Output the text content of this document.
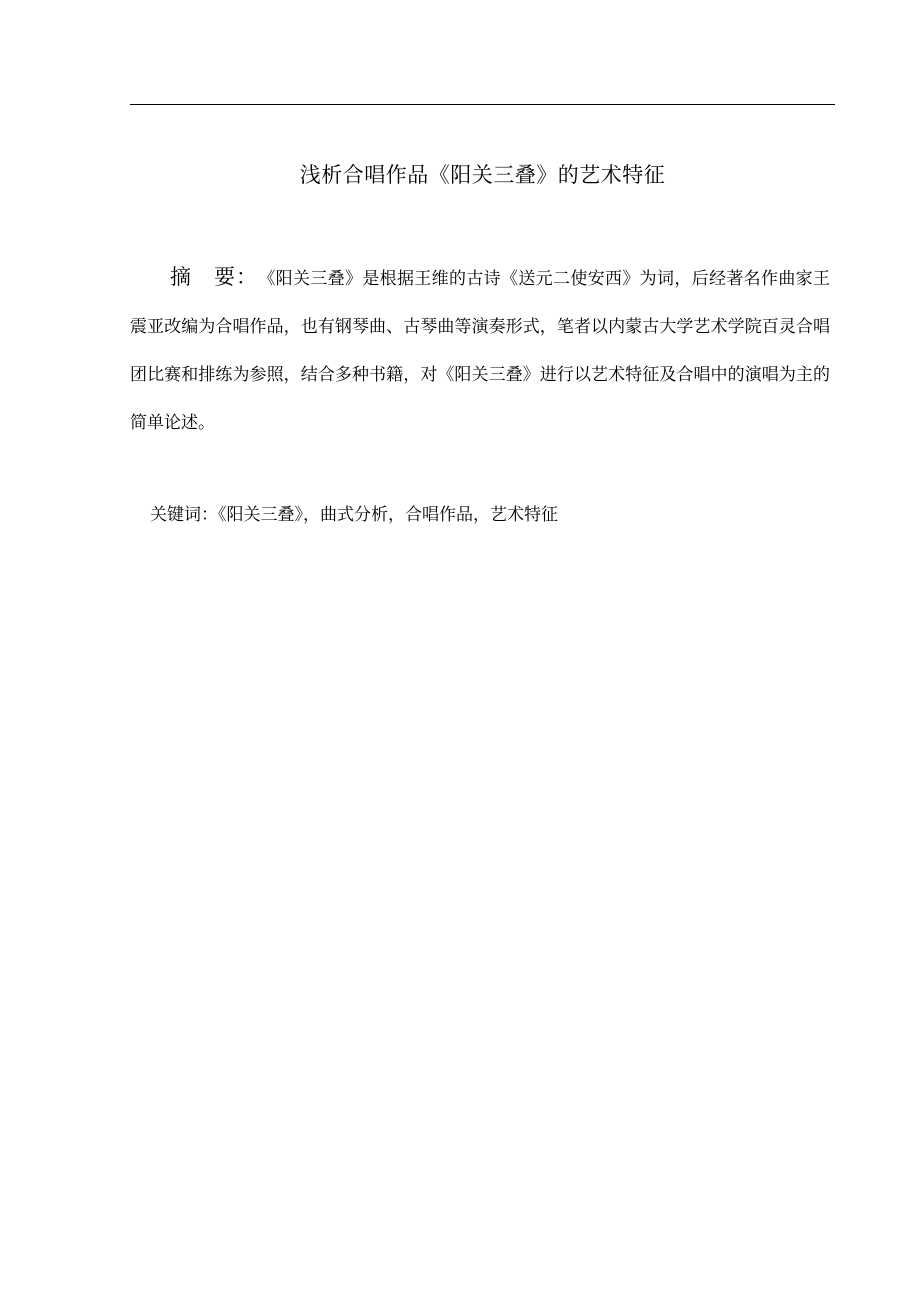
浅析合唱作品《阳关三叠》的艺术特征
摘 要：《阳关三叠》是根据王维的古诗《送元二使安西》为词，后经著名作曲家王震亚改编为合唱作品，也有钢琴曲、古琴曲等演奏形式，笔者以内蒙古大学艺术学院百灵合唱团比赛和排练为参照，结合多种书籍，对《阳关三叠》进行以艺术特征及合唱中的演唱为主的简单论述。
关键词：《阳关三叠》，曲式分析，合唱作品，艺术特征
